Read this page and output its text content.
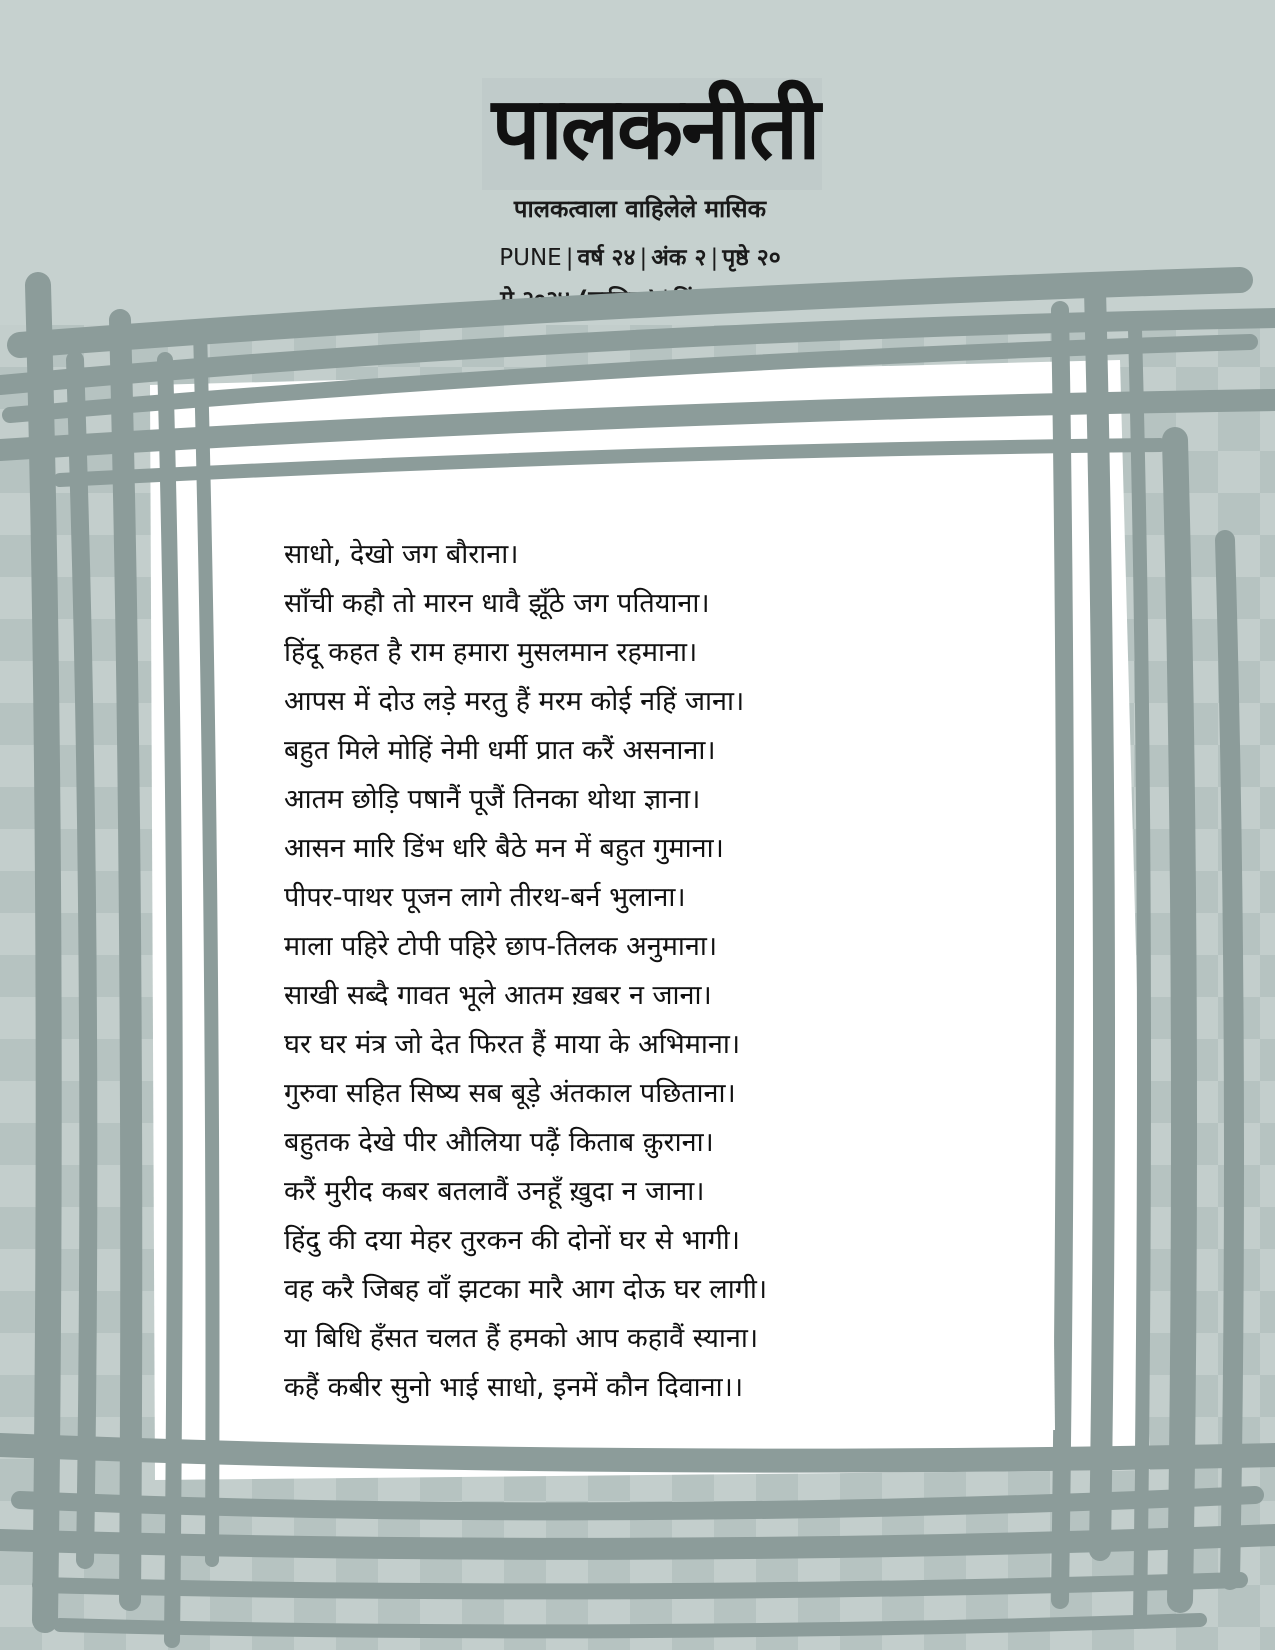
पालकनीती
पालकत्वाला वाहिलेले मासिक
PUNE | वर्ष २४ | अंक २ | पृष्ठे २०
मे २०२४ (मासिक) | किंमत ₹ २५
साधो, देखो जग बौराना।
साँची कहौ तो मारन धावै झूँठे जग पतियाना।
हिंदू कहत है राम हमारा मुसलमान रहमाना।
आपस में दोउ लड़े मरतु हैं मरम कोई नहिं जाना।
बहुत मिले मोहिं नेमी धर्मी प्रात करैं असनाना।
आतम छोड़ि पषानैं पूजैं तिनका थोथा ज्ञाना।
आसन मारि डिंभ धरि बैठे मन में बहुत गुमाना।
पीपर-पाथर पूजन लागे तीरथ-बर्न भुलाना।
माला पहिरे टोपी पहिरे छाप-तिलक अनुमाना।
साखी सब्दै गावत भूले आतम ख़बर न जाना।
घर घर मंत्र जो देत फिरत हैं माया के अभिमाना।
गुरुवा सहित सिष्य सब बूड़े अंतकाल पछिताना।
बहुतक देखे पीर औलिया पढ़ैं किताब क़ुराना।
करैं मुरीद कबर बतलावैं उनहूँ ख़ुदा न जाना।
हिंदु की दया मेहर तुरकन की दोनों घर से भागी।
वह करै जिबह वाँ झटका मारै आग दोऊ घर लागी।
या बिधि हँसत चलत हैं हमको आप कहावैं स्याना।
कहैं कबीर सुनो भाई साधो, इनमें कौन दिवाना।।
